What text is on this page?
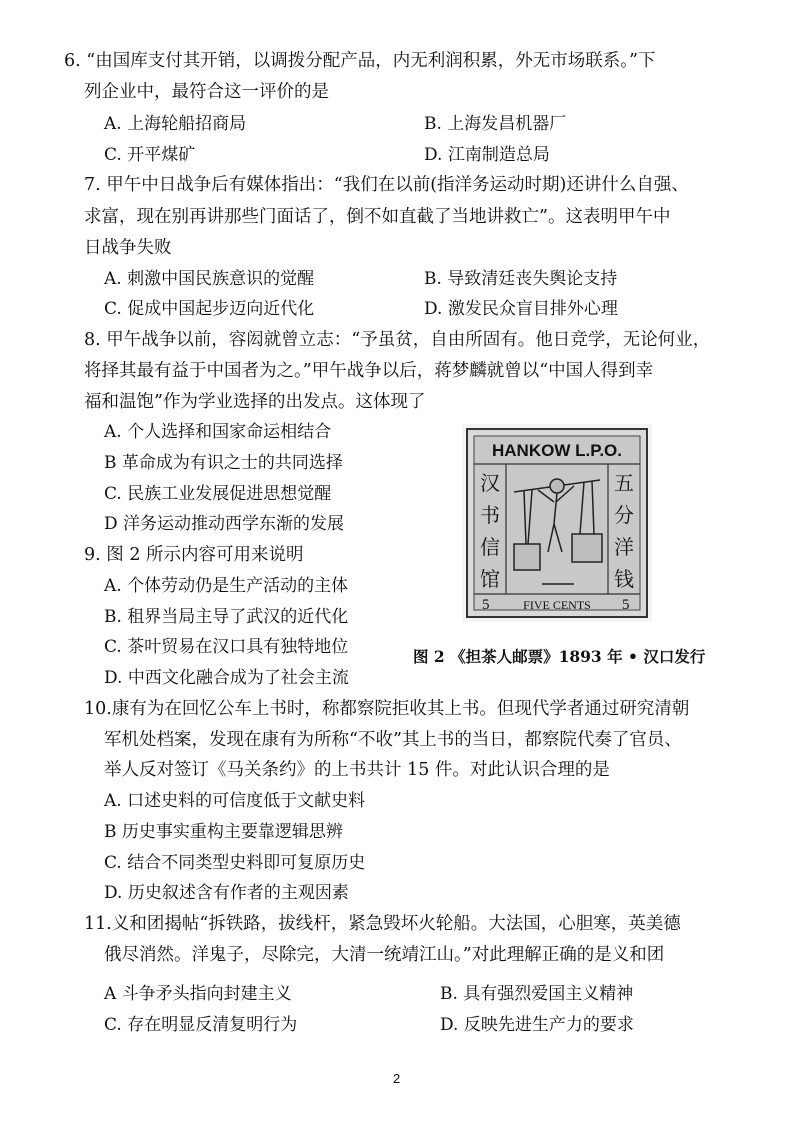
6. “由国库支付其开销，以调拨分配产品，内无利润积累，外无市场联系。”下
列企业中，最符合这一评价的是
A. 上海轮船招商局	B. 上海发昌机器厂
C. 开平煤矿	D. 江南制造总局
7. 甲午中日战争后有媒体指出：“我们在以前(指洋务运动时期)还讲什么自强、
求富，现在别再讲那些门面话了，倒不如直截了当地讲救亡”。这表明甲午中
日战争失败
A. 刺激中国民族意识的觉醒	B. 导致清廷丧失舆论支持
C. 促成中国起步迈向近代化	D. 激发民众盲目排外心理
8. 甲午战争以前，容闳就曾立志：“予虽贫，自由所固有。他日竞学，无论何业，
将择其最有益于中国者为之。”甲午战争以后，蒋梦麟就曾以“中国人得到幸
福和温饱”作为学业选择的出发点。这体现了
A. 个人选择和国家命运相结合
B 革命成为有识之士的共同选择
C. 民族工业发展促进思想觉醒
D 洋务运动推动西学东渐的发展
9. 图 2 所示内容可用来说明
A. 个体劳动仍是生产活动的主体
B. 租界当局主导了武汉的近代化
C. 茶叶贸易在汉口具有独特地位
D. 中西文化融合成为了社会主流
HANKOW L.P.O.
FIVE CENTS
5	5
汉
书
信
馆
五
分
洋
钱
图 2 《担茶人邮票》1893 年 • 汉口发行
10.康有为在回忆公车上书时，称都察院拒收其上书。但现代学者通过研究清朝
军机处档案，发现在康有为所称“不收”其上书的当日，都察院代奏了官员、
举人反对签订《马关条约》的上书共计 15 件。对此认识合理的是
A. 口述史料的可信度低于文献史料
B 历史事实重构主要靠逻辑思辨
C. 结合不同类型史料即可复原历史
D. 历史叙述含有作者的主观因素
11.义和团揭帖“拆铁路，拔线杆，紧急毁坏火轮船。大法国，心胆寒，英美德
俄尽消然。洋鬼子，尽除完，大清一统靖江山。”对此理解正确的是义和团
A 斗争矛头指向封建主义	B. 具有强烈爱国主义精神
C. 存在明显反清复明行为	D. 反映先进生产力的要求
2
